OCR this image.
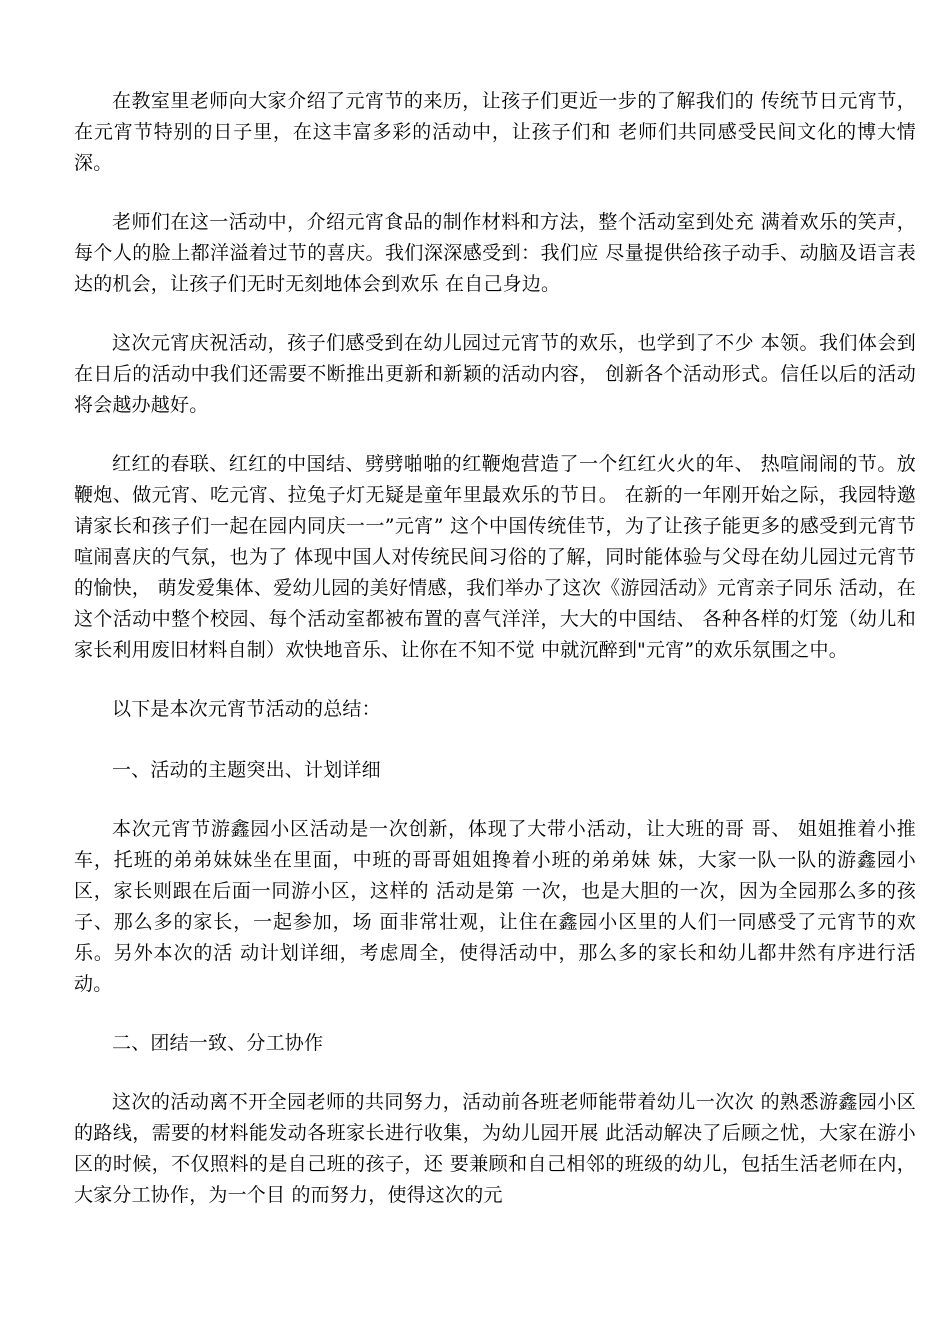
在教室里老师向大家介绍了元宵节的来历，让孩子们更近一步的了解我们的 传统节日元宵节，在元宵节特别的日子里，在这丰富多彩的活动中，让孩子们和 老师们共同感受民间文化的博大情深。

老师们在这一活动中，介绍元宵食品的制作材料和方法，整个活动室到处充 满着欢乐的笑声，每个人的脸上都洋溢着过节的喜庆。我们深深感受到：我们应 尽量提供给孩子动手、动脑及语言表达的机会，让孩子们无时无刻地体会到欢乐 在自己身边。

这次元宵庆祝活动，孩子们感受到在幼儿园过元宵节的欢乐，也学到了不少 本领。我们体会到在日后的活动中我们还需要不断推出更新和新颖的活动内容， 创新各个活动形式。信任以后的活动将会越办越好。

红红的春联、红红的中国结、劈劈啪啪的红鞭炮营造了一个红红火火的年、 热喧闹闹的节。放鞭炮、做元宵、吃元宵、拉兔子灯无疑是童年里最欢乐的节日。 在新的一年刚开始之际，我园特邀请家长和孩子们一起在园内同庆一一”元宵” 这个中国传统佳节，为了让孩子能更多的感受到元宵节喧闹喜庆的气氛，也为了 体现中国人对传统民间习俗的了解，同时能体验与父母在幼儿园过元宵节的愉快， 萌发爱集体、爱幼儿园的美好情感，我们举办了这次《游园活动》元宵亲子同乐 活动，在这个活动中整个校园、每个活动室都被布置的喜气洋洋，大大的中国结、 各种各样的灯笼（幼儿和家长利用废旧材料自制）欢快地音乐、让你在不知不觉 中就沉醉到"元宵”的欢乐氛围之中。

以下是本次元宵节活动的总结：

一、活动的主题突出、计划详细

本次元宵节游鑫园小区活动是一次创新，体现了大带小活动，让大班的哥 哥、 姐姐推着小推车，托班的弟弟妹妹坐在里面，中班的哥哥姐姐搀着小班的弟弟妹 妹，大家一队一队的游鑫园小区，家长则跟在后面一同游小区，这样的 活动是第 一次，也是大胆的一次，因为全园那么多的孩子、那么多的家长，一起参加，场 面非常壮观，让住在鑫园小区里的人们一同感受了元宵节的欢乐。另外本次的活 动计划详细，考虑周全，使得活动中，那么多的家长和幼儿都井然有序进行活动。

二、团结一致、分工协作

这次的活动离不开全园老师的共同努力，活动前各班老师能带着幼儿一次次 的熟悉游鑫园小区的路线，需要的材料能发动各班家长进行收集，为幼儿园开展 此活动解决了后顾之忧，大家在游小区的时候，不仅照料的是自己班的孩子，还 要兼顾和自己相邻的班级的幼儿，包括生活老师在内，大家分工协作，为一个目 的而努力，使得这次的元
